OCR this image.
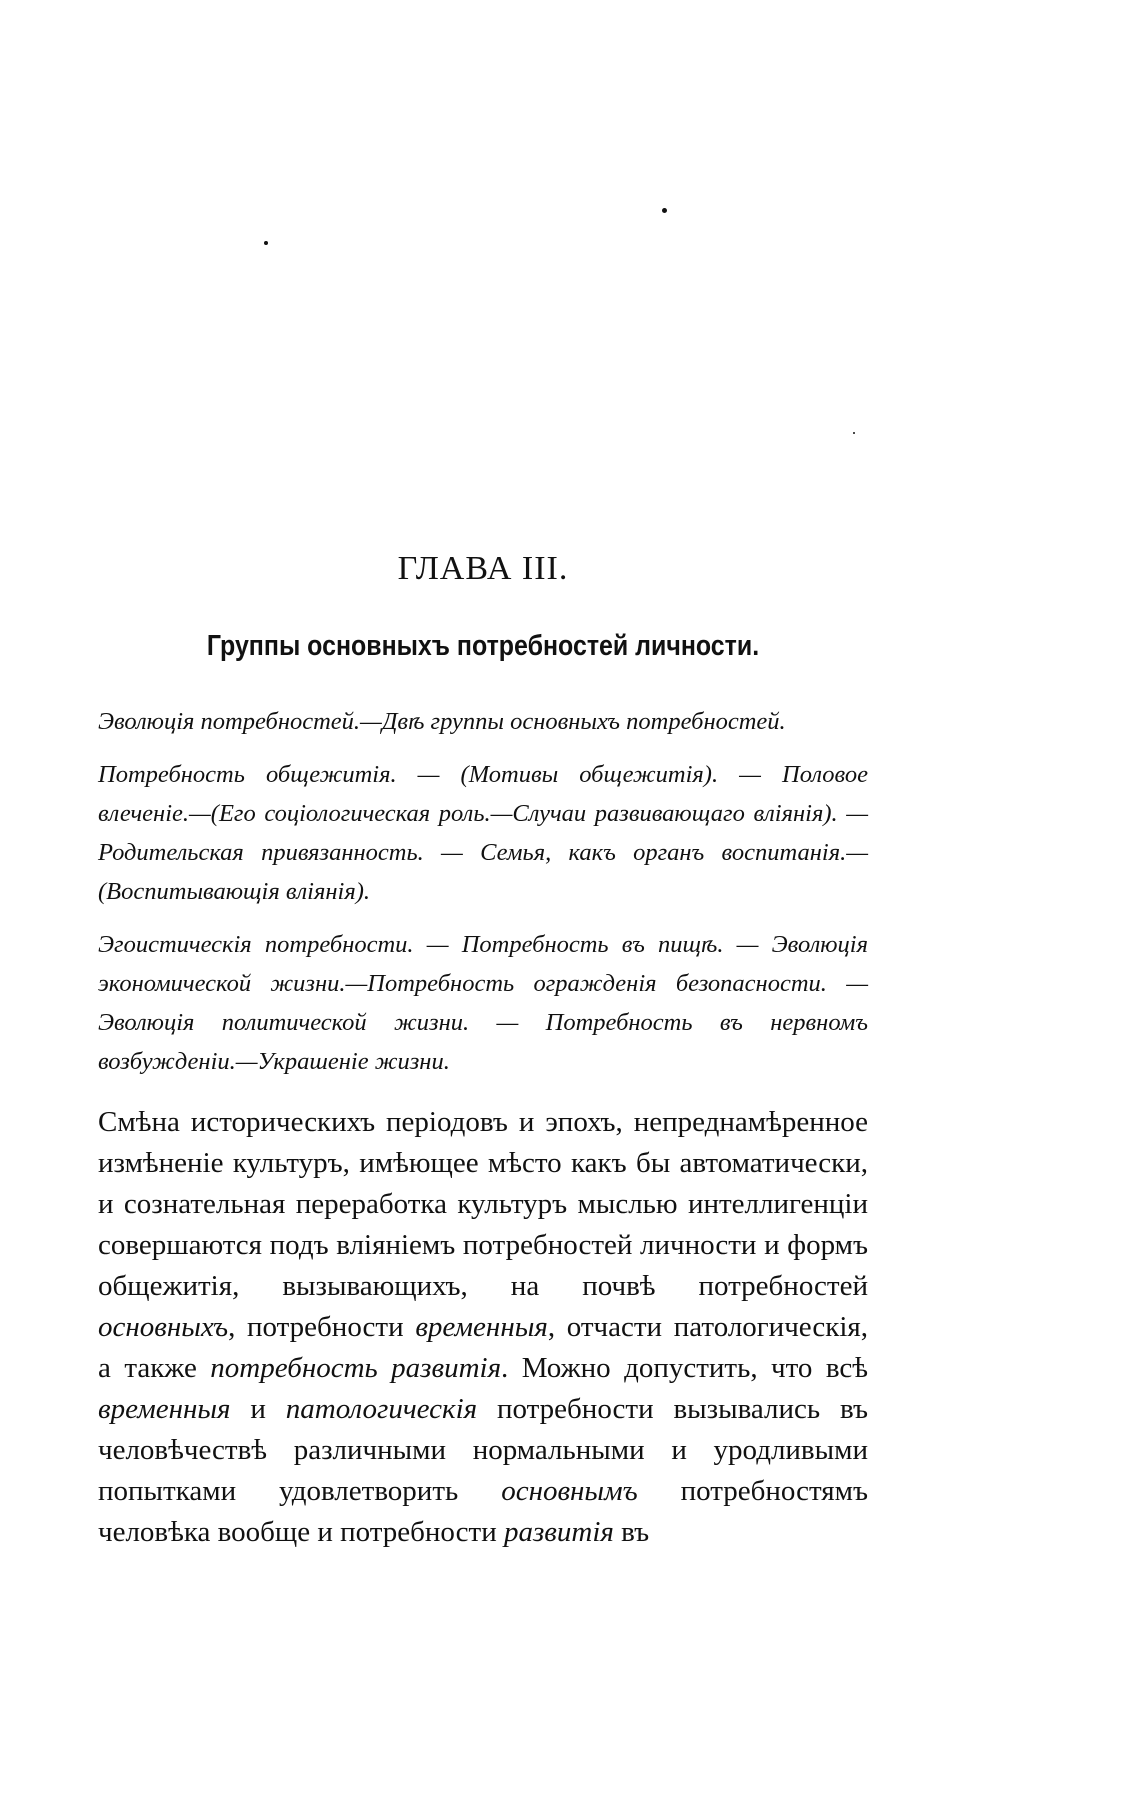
ГЛАВА III.
Группы основныхъ потребностей личности.

Эволюція потребностей.—Двѣ группы основныхъ потребностей.

Потребность общежитія. — (Мотивы общежитія). — Половое влеченіе.—(Его соціологическая роль.—Случаи развивающаго вліянія). — Родительская привязанность. — Семья, какъ органъ воспитанія.—(Воспитывающія вліянія).

Эгоистическія потребности. — Потребность въ пищѣ. — Эволюція экономической жизни.—Потребность огражденія безопасности. — Эволюція политической жизни. — Потребность въ нервномъ возбужденіи.—Украшеніе жизни.

Смѣна историческихъ періодовъ и эпохъ, непреднамѣренное измѣненіе культуръ, имѣющее мѣсто какъ бы автоматически, и сознательная переработка культуръ мыслью интеллигенціи совершаются подъ вліяніемъ потребностей личности и формъ общежитія, вызывающихъ, на почвѣ потребностей основныхъ, потребности временныя, отчасти патологическія, а также потребность развитія. Можно допустить, что всѣ временныя и патологическія потребности вызывались въ человѣчествѣ различными нормальными и уродливыми попытками удовлетворить основнымъ потребностямъ человѣка вообще и потребности развитія въ
